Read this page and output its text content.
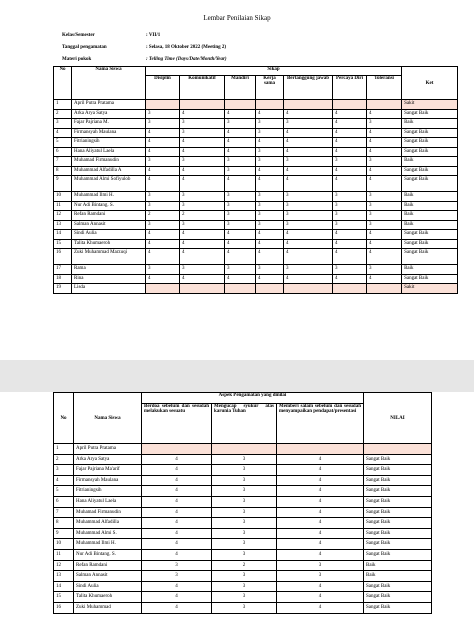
Lembar Penilaian Sikap
Kelas/Semester	: VII/1
Tanggal pengamatan	: Selasa, 18 Oktober 2022 (Meeting 2)
Materi pokok	: Telling Time (Days/Date/Month/Year)
No	Nama Siswa	Sikap							Ket
		Disiplin	Komunikatif	Mandiri	Kerja sama	Bertanggung jawab	Percaya Diri	Toleransi	
1	April Putra Pratama								Sakit
2	Arka Arya Satya	3	4	4	4	4	4	4	Sangat Baik
3	Fajar Pajriana M.	3	3	3	3	3	4	3	Baik
4	Firmansyah Maulana	4	3	4	3	4	4	4	Sangat Baik
5	Fitrianingsih	4	4	4	4	4	4	4	Sangat Baik
6	Hana Aliyatul Laela	4	4	4	3	4	4	4	Sangat Baik
7	Muhamad Firmanudin	3	3	3	3	3	3	3	Baik
8	Muhammad Alfadilla A	4	4	3	4	4	4	4	Sangat Baik
9	Muhammad Almi Sofiyulob	4	4	4	4	4	4	4	Sangat Baik
10	Muhammad Ilmi H.	3	3	3	3	3	3	3	Baik
11	Nur Adi Bintang. S.	3	3	3	3	3	3	3	Baik
12	Refan Ramdani	2	2	3	3	3	3	3	Baik
13	Salman Annasit	3	3	3	3	3	3	3	Baik
14	Sindi Aulia	4	4	4	4	4	4	4	Sangat Baik
15	Talita Khumaeroh	4	4	4	4	4	4	4	Sangat Baik
16	Zuki Muhammad Marzuqi	4	4	4	4	4	4	4	Sangat Baik
17	Rama	3	3	3	3	3	3	3	Baik
18	Rina	4	4	4	4	4	4	4	Sangat Baik
19	Lisda								Sakit
No	Nama Siswa	Aspek Pengamatan yang dinilai			NILAI
		Berdoa sebelum dan sesudah melakukan sesuatu	Mengucap syukur atas karunia Tuhan	Memberi salam sebelum dan sesudah menyampaikan pendapat/presentasi	
1	April Putra Pratama				
2	Arka Arya Satya	4	3	4	Sangat Baik
3	Fajar Pajriana Ma'arif	4	3	4	Sangat Baik
4	Firmansyah Maulana	4	3	4	Sangat Baik
5	Fitrianingsih	4	3	4	Sangat Baik
6	Hana Aliyatul Laela	4	3	4	Sangat Baik
7	Muhamad Firmanudin	4	3	4	Sangat Baik
8	Muhammad Alfadilla	4	3	4	Sangat Baik
9	Muhammad Almi S.	4	3	4	Sangat Baik
10	Muhammad Ilmi H.	4	3	4	Sangat Baik
11	Nur Adi Bintang. S.	4	3	4	Sangat Baik
12	Refan Ramdani	3	2	3	Baik
13	Salman Annasit	3	3	3	Baik
14	Sindi Aulia	4	3	4	Sangat Baik
15	Talita Khumaeroh	4	3	4	Sangat Baik
16	Zuki Muhammad	4	3	4	Sangat Baik
